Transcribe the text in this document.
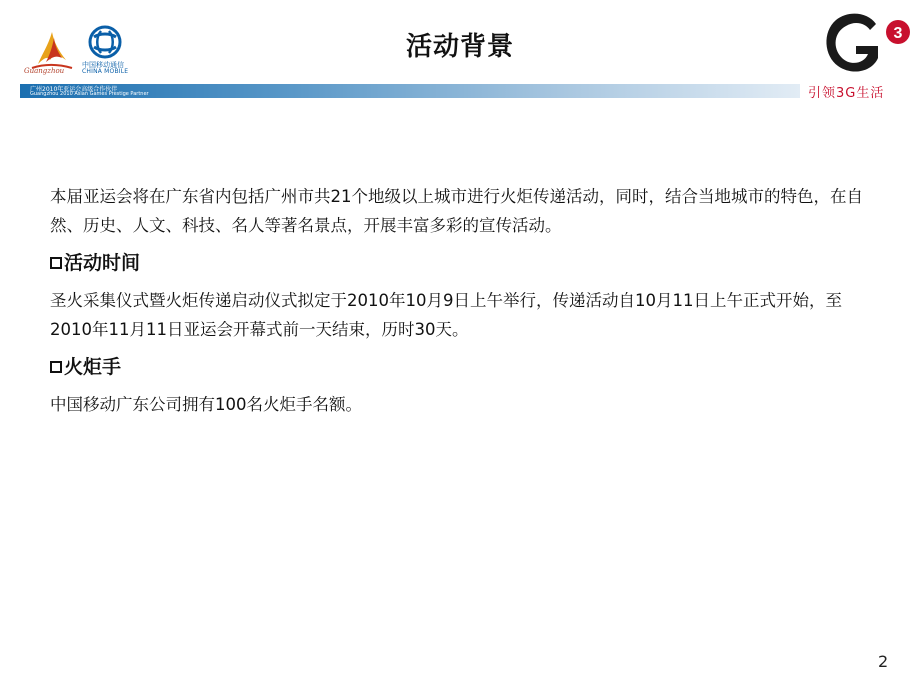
Guangzhou
中国移动通信
CHINA MOBILE
广州2010年亚运会高级合作伙伴
Guangzhou 2010 Asian Games Prestige Partner
活动背景	3
引领3G生活

本届亚运会将在广东省内包括广州市共21个地级以上城市进行火炬传递活动，同时，结合当地城市的特色，在自然、历史、人文、科技、名人等著名景点，开展丰富多彩的宣传活动。

活动时间

圣火采集仪式暨火炬传递启动仪式拟定于2010年10月9日上午举行，传递活动自10月11日上午正式开始，至2010年11月11日亚运会开幕式前一天结束，历时30天。

火炬手

中国移动广东公司拥有100名火炬手名额。

2
